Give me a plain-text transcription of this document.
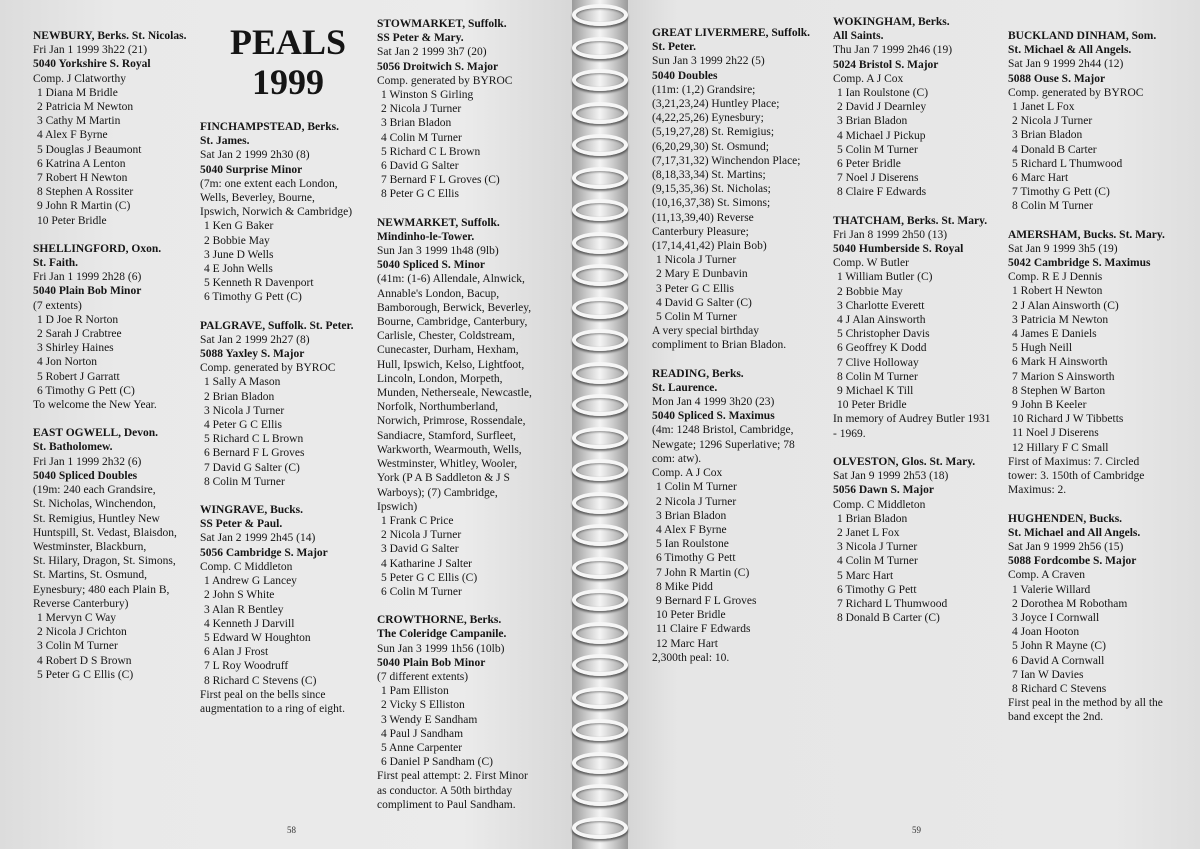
PEALS
1999
NEWBURY, Berks. St. Nicolas.
Fri Jan 1 1999 3h22 (21)
5040 Yorkshire S. Royal
Comp. J Clatworthy
1 Diana M Bridle
2 Patricia M Newton
3 Cathy M Martin
4 Alex F Byrne
5 Douglas J Beaumont
6 Katrina A Lenton
7 Robert H Newton
8 Stephen A Rossiter
9 John R Martin (C)
10 Peter Bridle
SHELLINGFORD, Oxon.
St. Faith.
Fri Jan 1 1999 2h28 (6)
5040 Plain Bob Minor
(7 extents)
1 D Joe R Norton
2 Sarah J Crabtree
3 Shirley Haines
4 Jon Norton
5 Robert J Garratt
6 Timothy G Pett (C)
To welcome the New Year.
EAST OGWELL, Devon.
St. Batholomew.
Fri Jan 1 1999 2h32 (6)
5040 Spliced Doubles
(19m: 240 each Grandsire,
St. Nicholas, Winchendon,
St. Remigius, Huntley New
Huntspill, St. Vedast, Blaisdon,
Westminster, Blackburn,
St. Hilary, Dragon, St. Simons,
St. Martins, St. Osmund,
Eynesbury; 480 each Plain B,
Reverse Canterbury)
1 Mervyn C Way
2 Nicola J Crichton
3 Colin M Turner
4 Robert D S Brown
5 Peter G C Ellis (C)
FINCHAMPSTEAD, Berks.
St. James.
Sat Jan 2 1999 2h30 (8)
5040 Surprise Minor
(7m: one extent each London,
Wells, Beverley, Bourne,
Ipswich, Norwich & Cambridge)
1 Ken G Baker
2 Bobbie May
3 June D Wells
4 E John Wells
5 Kenneth R Davenport
6 Timothy G Pett (C)
PALGRAVE, Suffolk. St. Peter.
Sat Jan 2 1999 2h27 (8)
5088 Yaxley S. Major
Comp. generated by BYROC
1 Sally A Mason
2 Brian Bladon
3 Nicola J Turner
4 Peter G C Ellis
5 Richard C L Brown
6 Bernard F L Groves
7 David G Salter (C)
8 Colin M Turner
WINGRAVE, Bucks.
SS Peter & Paul.
Sat Jan 2 1999 2h45 (14)
5056 Cambridge S. Major
Comp. C Middleton
1 Andrew G Lancey
2 John S White
3 Alan R Bentley
4 Kenneth J Darvill
5 Edward W Houghton
6 Alan J Frost
7 L Roy Woodruff
8 Richard C Stevens (C)
First peal on the bells since
augmentation to a ring of eight.
STOWMARKET, Suffolk.
SS Peter & Mary.
Sat Jan 2 1999 3h7 (20)
5056 Droitwich S. Major
Comp. generated by BYROC
1 Winston S Girling
2 Nicola J Turner
3 Brian Bladon
4 Colin M Turner
5 Richard C L Brown
6 David G Salter
7 Bernard F L Groves (C)
8 Peter G C Ellis
NEWMARKET, Suffolk.
Mindinho-le-Tower.
Sun Jan 3 1999 1h48 (9lb)
5040 Spliced S. Minor
(41m: (1-6) Allendale, Alnwick,
Annable's London, Bacup,
Bamborough, Berwick, Beverley,
Bourne, Cambridge, Canterbury,
Carlisle, Chester, Coldstream,
Cunecaster, Durham, Hexham,
Hull, Ipswich, Kelso, Lightfoot,
Lincoln, London, Morpeth,
Munden, Netherseale, Newcastle,
Norfolk, Northumberland,
Norwich, Primrose, Rossendale,
Sandiacre, Stamford, Surfleet,
Warkworth, Wearmouth, Wells,
Westminster, Whitley, Wooler,
York (P A B Saddleton & J S
Warboys); (7) Cambridge,
Ipswich)
1 Frank C Price
2 Nicola J Turner
3 David G Salter
4 Katharine J Salter
5 Peter G C Ellis (C)
6 Colin M Turner
CROWTHORNE, Berks.
The Coleridge Campanile.
Sun Jan 3 1999 1h56 (10lb)
5040 Plain Bob Minor
(7 different extents)
1 Pam Elliston
2 Vicky S Elliston
3 Wendy E Sandham
4 Paul J Sandham
5 Anne Carpenter
6 Daniel P Sandham (C)
First peal attempt: 2. First Minor
as conductor. A 50th birthday
compliment to Paul Sandham.
GREAT LIVERMERE, Suffolk.
St. Peter.
Sun Jan 3 1999 2h22 (5)
5040 Doubles
(11m: (1,2) Grandsire;
(3,21,23,24) Huntley Place;
(4,22,25,26) Eynesbury;
(5,19,27,28) St. Remigius;
(6,20,29,30) St. Osmund;
(7,17,31,32) Winchendon Place;
(8,18,33,34) St. Martins;
(9,15,35,36) St. Nicholas;
(10,16,37,38) St. Simons;
(11,13,39,40) Reverse
Canterbury Pleasure;
(17,14,41,42) Plain Bob)
1 Nicola J Turner
2 Mary E Dunbavin
3 Peter G C Ellis
4 David G Salter (C)
5 Colin M Turner
A very special birthday
compliment to Brian Bladon.
READING, Berks.
St. Laurence.
Mon Jan 4 1999 3h20 (23)
5040 Spliced S. Maximus
(4m: 1248 Bristol, Cambridge,
Newgate; 1296 Superlative; 78
com: atw).
Comp. A J Cox
1 Colin M Turner
2 Nicola J Turner
3 Brian Bladon
4 Alex F Byrne
5 Ian Roulstone
6 Timothy G Pett
7 John R Martin (C)
8 Mike Pidd
9 Bernard F L Groves
10 Peter Bridle
11 Claire F Edwards
12 Marc Hart
2,300th peal: 10.
WOKINGHAM, Berks.
All Saints.
Thu Jan 7 1999 2h46 (19)
5024 Bristol S. Major
Comp. A J Cox
1 Ian Roulstone (C)
2 David J Dearnley
3 Brian Bladon
4 Michael J Pickup
5 Colin M Turner
6 Peter Bridle
7 Noel J Diserens
8 Claire F Edwards
THATCHAM, Berks. St. Mary.
Fri Jan 8 1999 2h50 (13)
5040 Humberside S. Royal
Comp. W Butler
1 William Butler (C)
2 Bobbie May
3 Charlotte Everett
4 J Alan Ainsworth
5 Christopher Davis
6 Geoffrey K Dodd
7 Clive Holloway
8 Colin M Turner
9 Michael K Till
10 Peter Bridle
In memory of Audrey Butler 1931
- 1969.
OLVESTON, Glos. St. Mary.
Sat Jan 9 1999 2h53 (18)
5056 Dawn S. Major
Comp. C Middleton
1 Brian Bladon
2 Janet L Fox
3 Nicola J Turner
4 Colin M Turner
5 Marc Hart
6 Timothy G Pett
7 Richard L Thumwood
8 Donald B Carter (C)
BUCKLAND DINHAM, Som.
St. Michael & All Angels.
Sat Jan 9 1999 2h44 (12)
5088 Ouse S. Major
Comp. generated by BYROC
1 Janet L Fox
2 Nicola J Turner
3 Brian Bladon
4 Donald B Carter
5 Richard L Thumwood
6 Marc Hart
7 Timothy G Pett (C)
8 Colin M Turner
AMERSHAM, Bucks. St. Mary.
Sat Jan 9 1999 3h5 (19)
5042 Cambridge S. Maximus
Comp. R E J Dennis
1 Robert H Newton
2 J Alan Ainsworth (C)
3 Patricia M Newton
4 James E Daniels
5 Hugh Neill
6 Mark H Ainsworth
7 Marion S Ainsworth
8 Stephen W Barton
9 John B Keeler
10 Richard J W Tibbetts
11 Noel J Diserens
12 Hillary F C Small
First of Maximus: 7. Circled
tower: 3. 150th of Cambridge
Maximus: 2.
HUGHENDEN, Bucks.
St. Michael and All Angels.
Sat Jan 9 1999 2h56 (15)
5088 Fordcombe S. Major
Comp. A Craven
1 Valerie Willard
2 Dorothea M Robotham
3 Joyce I Cornwall
4 Joan Hooton
5 John R Mayne (C)
6 David A Cornwall
7 Ian W Davies
8 Richard C Stevens
First peal in the method by all the
band except the 2nd.
58	59
